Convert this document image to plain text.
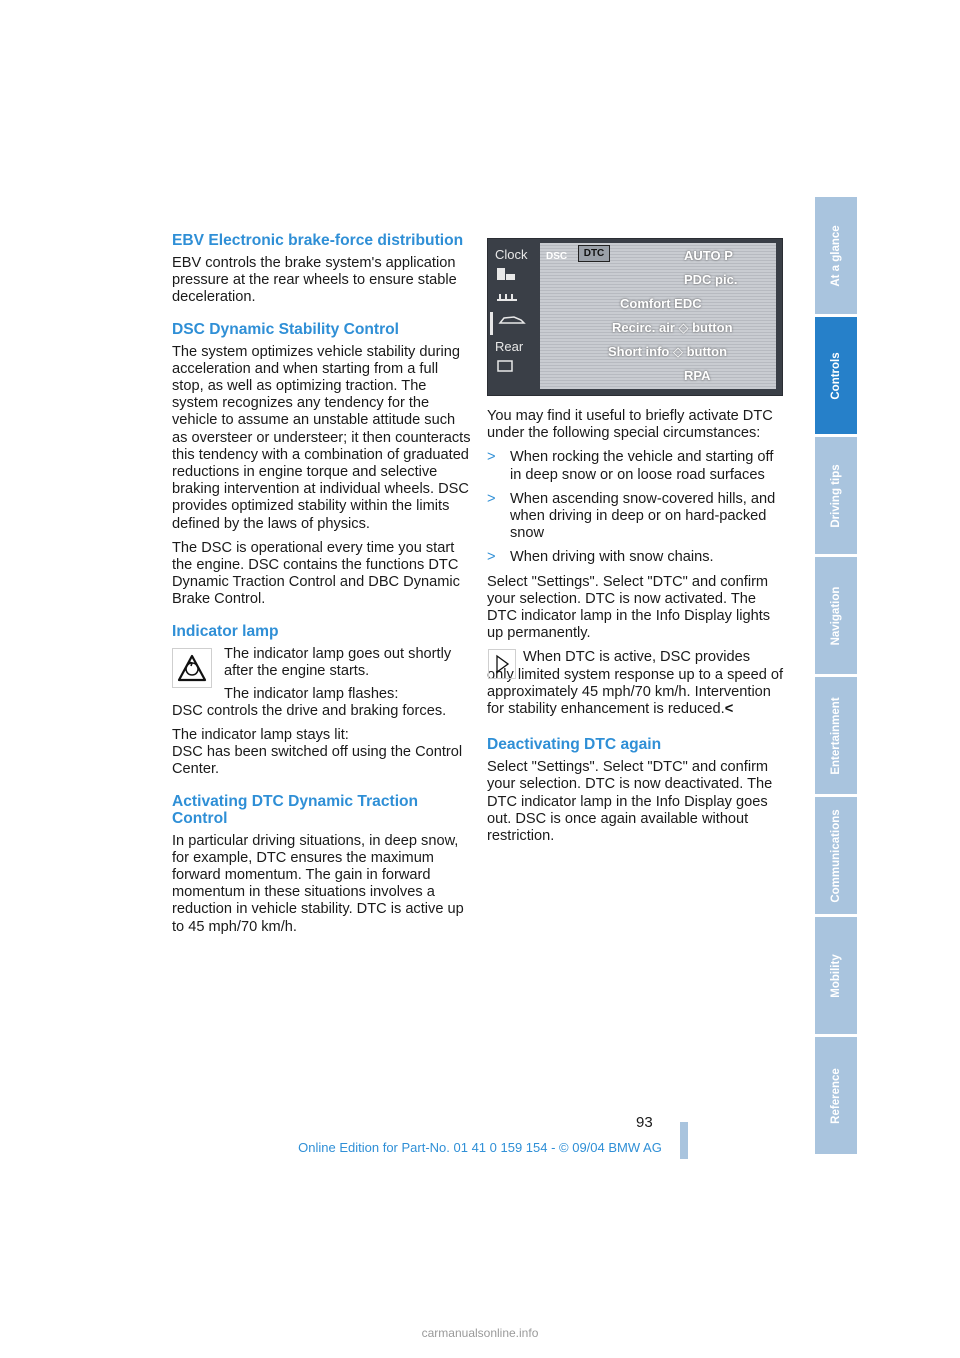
EBV Electronic brake-force distribution

EBV controls the brake system's application pressure at the rear wheels to ensure stable deceleration.

DSC Dynamic Stability Control

The system optimizes vehicle stability during acceleration and when starting from a full stop, as well as optimizing traction. The system recognizes any tendency for the vehicle to assume an unstable attitude such as oversteer or understeer; it then counteracts this tendency with a combination of graduated reductions in engine torque and selective braking intervention at individual wheels. DSC provides optimized stability within the limits defined by the laws of physics.

The DSC is operational every time you start the engine. DSC contains the functions DTC Dynamic Traction Control and DBC Dynamic Brake Control.

Indicator lamp

The indicator lamp goes out shortly after the engine starts.

The indicator lamp flashes:

DSC controls the drive and braking forces.

The indicator lamp stays lit:

DSC has been switched off using the Control Center.

Activating DTC Dynamic Traction Control

In particular driving situations, in deep snow, for example, DTC ensures the maximum forward momentum. The gain in forward momentum in these situations involves a reduction in vehicle stability. DTC is active up to 45 mph/70 km/h.

Clock
Rear
DSC	DTC	AUTO P
PDC pic.
Comfort EDC
Recirc. air ◇ button
Short info ◇ button
RPA

You may find it useful to briefly activate DTC under the following special circumstances:

> When rocking the vehicle and starting off in deep snow or on loose road surfaces
> When ascending snow-covered hills, and when driving in deep or on hard-packed snow
> When driving with snow chains.

Select "Settings". Select "DTC" and confirm your selection. DTC is now activated. The DTC indicator lamp in the Info Display lights up permanently.

When DTC is active, DSC provides
only limited system response up to a speed of approximately 45 mph/70 km/h. Intervention for stability enhancement is reduced.<
Deactivating DTC again

Select "Settings". Select "DTC" and confirm your selection. DTC is now deactivated. The DTC indicator lamp in the Info Display goes out. DSC is once again available without restriction.

At a glance
Controls
Driving tips
Navigation
Entertainment
Communications
Mobility
Reference
93
Online Edition for Part-No. 01 41 0 159 154 - © 09/04 BMW AG
carmanualsonline.info
